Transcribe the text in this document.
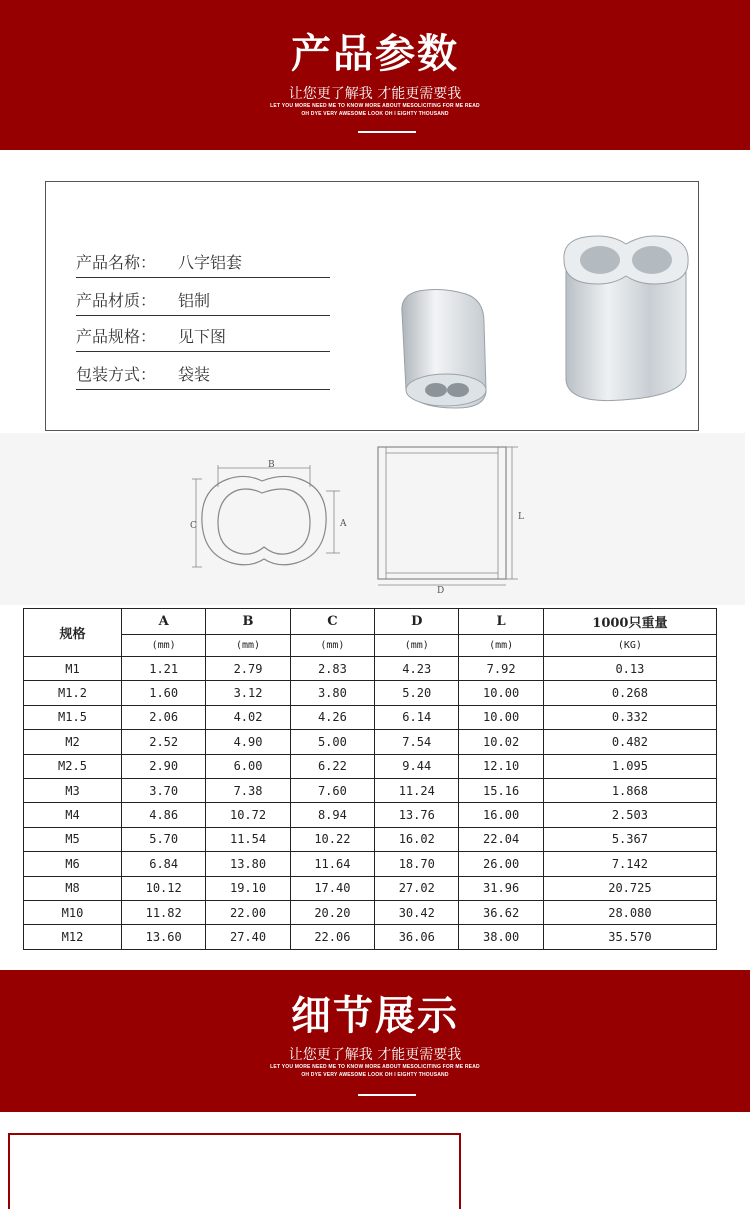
产品参数
让您更了解我 才能更需要我
LET YOU MORE NEED ME TO KNOW MORE ABOUT MESOLICITING FOR ME READ
OH DYE VERY AWESOME LOOK OH I EIGHTY THOUSAND
产品名称： 八字铝套
产品材质： 铝制
产品规格： 见下图
包装方式： 袋装
B
C	A
L
D
规格	A	B	C	D	L	1000只重量
	(mm)	(mm)	(mm)	(mm)	(mm)	(KG)
M1	1.21	2.79	2.83	4.23	7.92	0.13
M1.2	1.60	3.12	3.80	5.20	10.00	0.268
M1.5	2.06	4.02	4.26	6.14	10.00	0.332
M2	2.52	4.90	5.00	7.54	10.02	0.482
M2.5	2.90	6.00	6.22	9.44	12.10	1.095
M3	3.70	7.38	7.60	11.24	15.16	1.868
M4	4.86	10.72	8.94	13.76	16.00	2.503
M5	5.70	11.54	10.22	16.02	22.04	5.367
M6	6.84	13.80	11.64	18.70	26.00	7.142
M8	10.12	19.10	17.40	27.02	31.96	20.725
M10	11.82	22.00	20.20	30.42	36.62	28.080
M12	13.60	27.40	22.06	36.06	38.00	35.570
细节展示
让您更了解我 才能更需要我
LET YOU MORE NEED ME TO KNOW MORE ABOUT MESOLICITING FOR ME READ
OH DYE VERY AWESOME LOOK OH I EIGHTY THOUSAND
